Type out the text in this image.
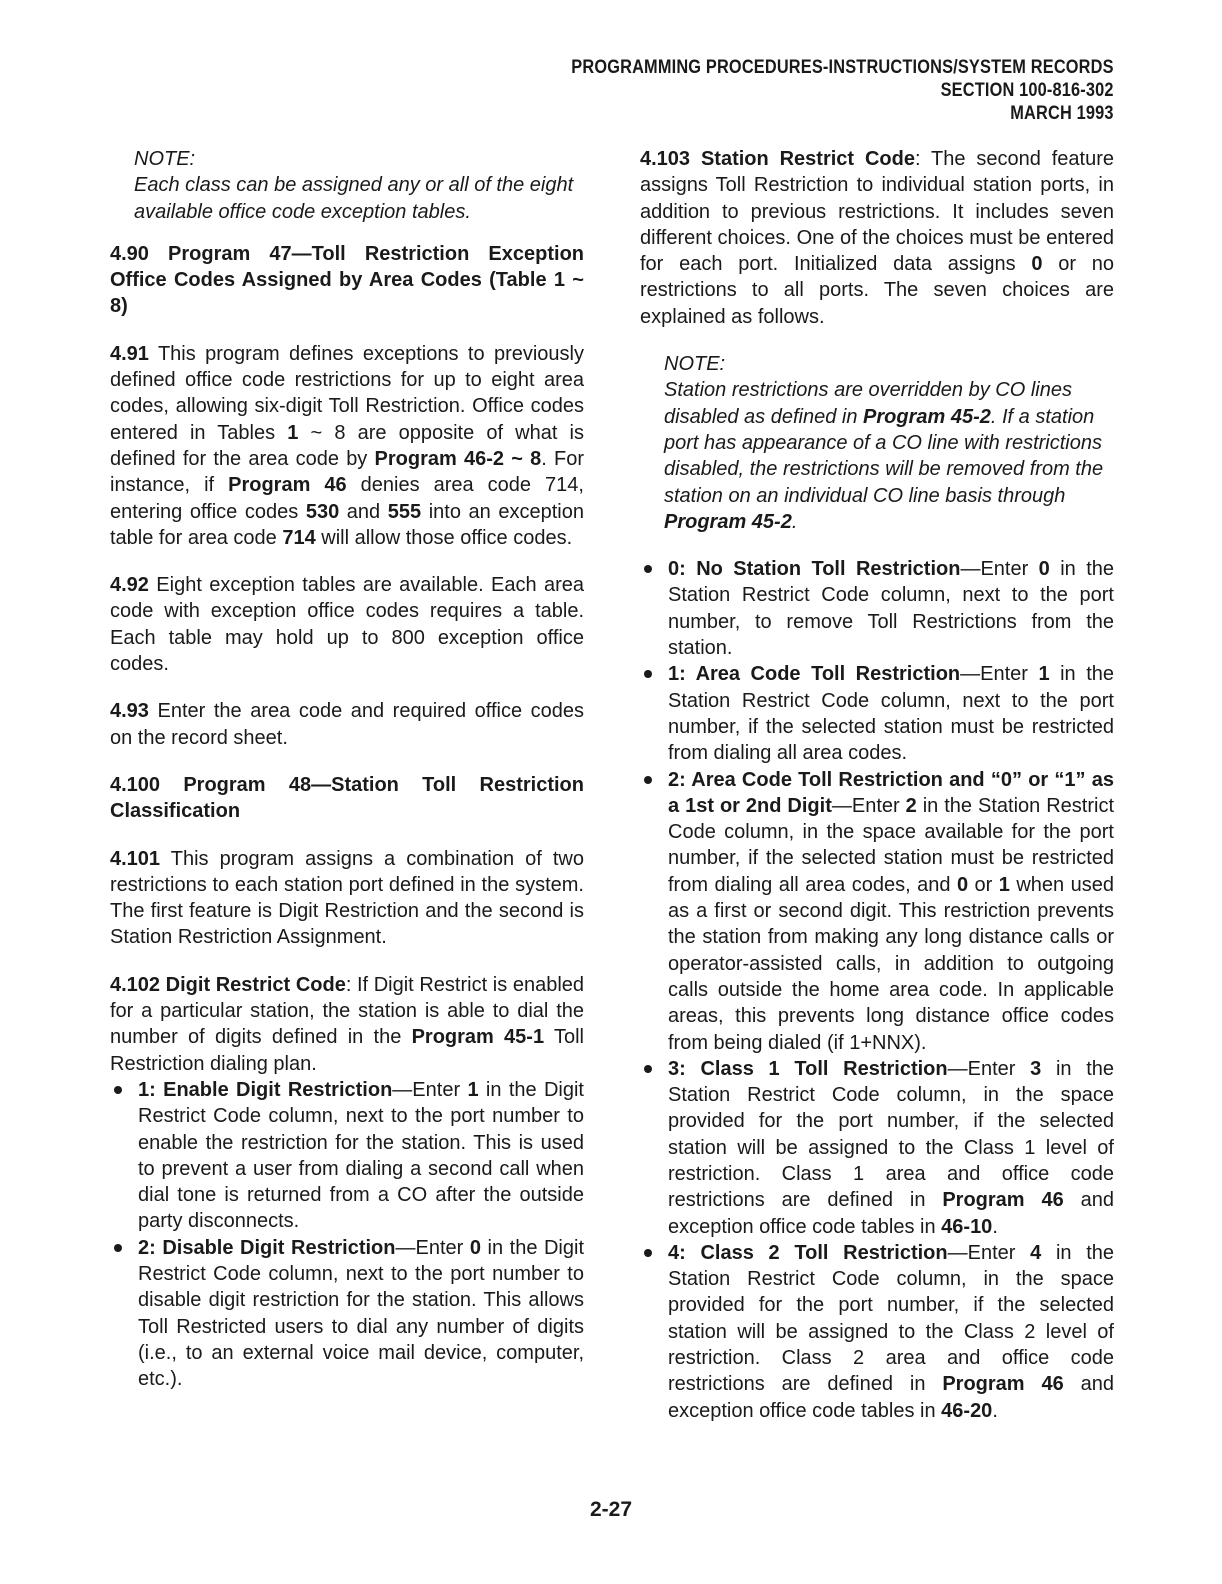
PROGRAMMING PROCEDURES-INSTRUCTIONS/SYSTEM RECORDS
SECTION 100-816-302
MARCH 1993

NOTE:

Each class can be assigned any or all of the eight available office code exception tables.

4.90 Program 47—Toll Restriction Exception Office Codes Assigned by Area Codes (Table 1 ~ 8)

4.91 This program defines exceptions to previously defined office code restrictions for up to eight area codes, allowing six-digit Toll Restriction. Office codes entered in Tables 1 ~ 8 are opposite of what is defined for the area code by Program 46-2 ~ 8. For instance, if Program 46 denies area code 714, entering office codes 530 and 555 into an exception table for area code 714 will allow those office codes.

4.92 Eight exception tables are available. Each area code with exception office codes requires a table. Each table may hold up to 800 exception office codes.

4.93 Enter the area code and required office codes on the record sheet.

4.100 Program 48—Station Toll Restriction Classification

4.101 This program assigns a combination of two restrictions to each station port defined in the system. The first feature is Digit Restriction and the second is Station Restriction Assignment.

4.102 Digit Restrict Code: If Digit Restrict is enabled for a particular station, the station is able to dial the number of digits defined in the Program 45-1 Toll Restriction dialing plan.

1: Enable Digit Restriction—Enter 1 in the Digit Restrict Code column, next to the port number to enable the restriction for the station. This is used to prevent a user from dialing a second call when dial tone is returned from a CO after the outside party disconnects.
2: Disable Digit Restriction—Enter 0 in the Digit Restrict Code column, next to the port number to disable digit restriction for the station. This allows Toll Restricted users to dial any number of digits (i.e., to an external voice mail device, computer, etc.).

4.103 Station Restrict Code: The second feature assigns Toll Restriction to individual station ports, in addition to previous restrictions. It includes seven different choices. One of the choices must be entered for each port. Initialized data assigns 0 or no restrictions to all ports. The seven choices are explained as follows.

NOTE:

Station restrictions are overridden by CO lines disabled as defined in Program 45-2. If a station port has appearance of a CO line with restrictions disabled, the restrictions will be removed from the station on an individual CO line basis through Program 45-2.

0: No Station Toll Restriction—Enter 0 in the Station Restrict Code column, next to the port number, to remove Toll Restrictions from the station.
1: Area Code Toll Restriction—Enter 1 in the Station Restrict Code column, next to the port number, if the selected station must be restricted from dialing all area codes.
2: Area Code Toll Restriction and “0” or “1” as a 1st or 2nd Digit—Enter 2 in the Station Restrict Code column, in the space available for the port number, if the selected station must be restricted from dialing all area codes, and 0 or 1 when used as a first or second digit. This restriction prevents the station from making any long distance calls or operator-assisted calls, in addition to outgoing calls outside the home area code. In applicable areas, this prevents long distance office codes from being dialed (if 1+NNX).
3: Class 1 Toll Restriction—Enter 3 in the Station Restrict Code column, in the space provided for the port number, if the selected station will be assigned to the Class 1 level of restriction. Class 1 area and office code restrictions are defined in Program 46 and exception office code tables in 46-10.
4: Class 2 Toll Restriction—Enter 4 in the Station Restrict Code column, in the space provided for the port number, if the selected station will be assigned to the Class 2 level of restriction. Class 2 area and office code restrictions are defined in Program 46 and exception office code tables in 46-20.
2-27
